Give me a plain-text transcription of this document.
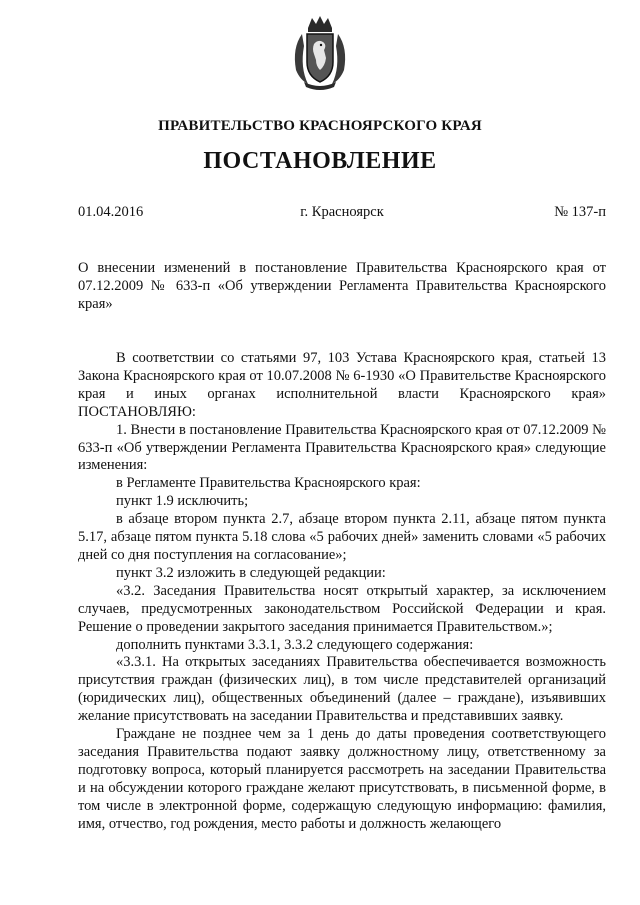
ПРАВИТЕЛЬСТВО КРАСНОЯРСКОГО КРАЯ
ПОСТАНОВЛЕНИЕ
г. Красноярск
01.04.2016	№ 137-п
О внесении изменений в постановление Правительства Красноярского края от 07.12.2009 № 633-п «Об утверждении Регламента Правительства Красноярского края»

В соответствии со статьями 97, 103 Устава Красноярского края, статьей 13 Закона Красноярского края от 10.07.2008 № 6-1930 «О Правительстве Красноярского края и иных органах исполнительной власти Красноярского края» ПОСТАНОВЛЯЮ:

1. Внести в постановление Правительства Красноярского края от 07.12.2009 № 633-п «Об утверждении Регламента Правительства Красноярского края» следующие изменения:

в Регламенте Правительства Красноярского края:

пункт 1.9 исключить;

в абзаце втором пункта 2.7, абзаце втором пункта 2.11, абзаце пятом пункта 5.17, абзаце пятом пункта 5.18 слова «5 рабочих дней» заменить словами «5 рабочих дней со дня поступления на согласование»;

пункт 3.2 изложить в следующей редакции:

«3.2. Заседания Правительства носят открытый характер, за исключением случаев, предусмотренных законодательством Российской Федерации и края. Решение о проведении закрытого заседания принимается Правительством.»;

дополнить пунктами 3.3.1, 3.3.2 следующего содержания:

«3.3.1. На открытых заседаниях Правительства обеспечивается возможность присутствия граждан (физических лиц), в том числе представителей организаций (юридических лиц), общественных объединений (далее – граждане), изъявивших желание присутствовать на заседании Правительства и представивших заявку.

Граждане не позднее чем за 1 день до даты проведения соответствующего заседания Правительства подают заявку должностному лицу, ответственному за подготовку вопроса, который планируется рассмотреть на заседании Правительства и на обсуждении которого граждане желают присутствовать, в письменной форме, в том числе в электронной форме, содержащую следующую информацию: фамилия, имя, отчество, год рождения, место работы и должность желающего
